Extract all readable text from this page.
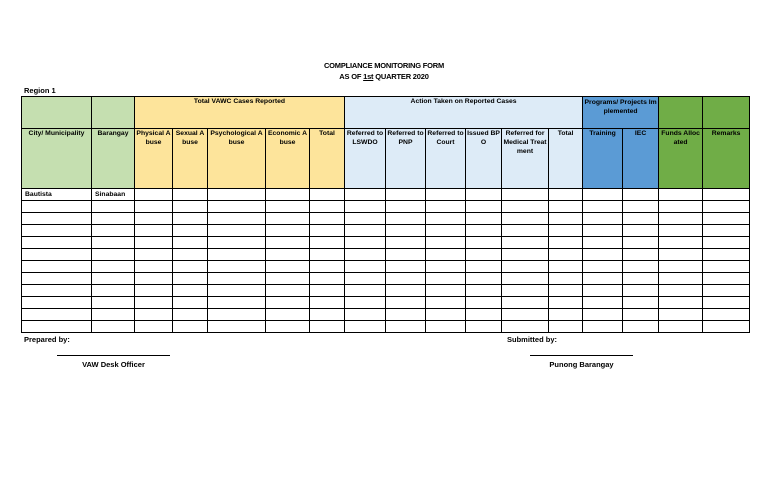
COMPLIANCE MONITORING FORM
AS OF 1st QUARTER 2020
Region 1
		Total VAWC Cases Reported					Action Taken on Reported Cases						Programs/ Projects Implemented			
City/ Municipality	Barangay	Physical Abuse	Sexual Abuse	Psychological Abuse	Economic Abuse	Total	Referred to LSWDO	Referred to PNP	Referred to Court	Issued BPO	Referred for Medical Treatment	Total	Training	IEC	Funds Allocated	Remarks
Bautista	Sinabaan															

Prepared by:
VAW Desk Officer
Submitted by:
Punong Barangay
